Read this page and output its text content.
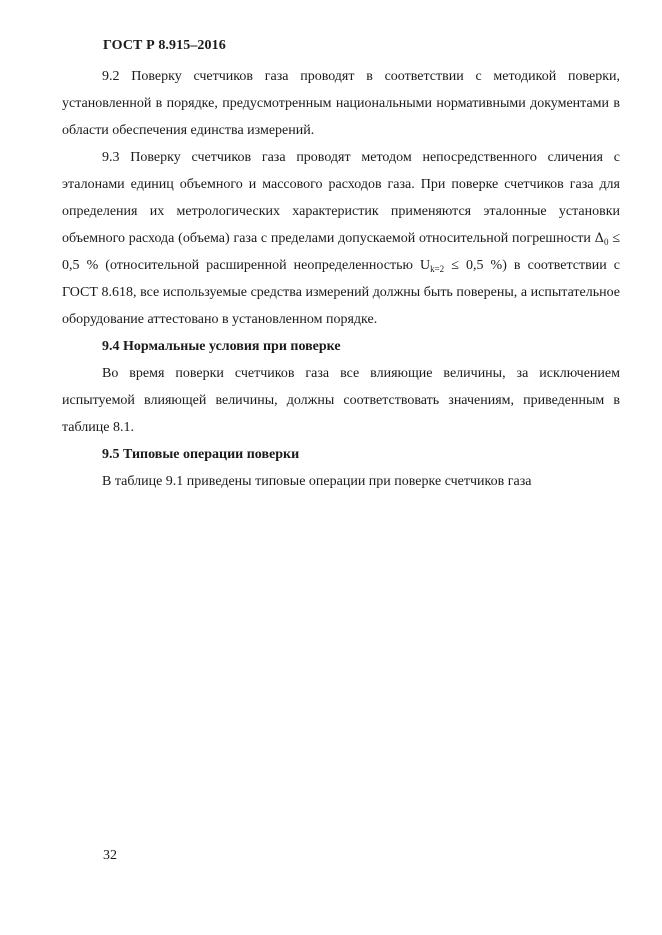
ГОСТ Р 8.915–2016

9.2 Поверку счетчиков газа проводят в соответствии с методикой поверки, установленной в порядке, предусмотренным национальными нормативными документами в области обеспечения единства измерений.

9.3 Поверку счетчиков газа проводят методом непосредственного сличения с эталонами единиц объемного и массового расходов газа. При поверке счетчиков газа для определения их метрологических характеристик применяются эталонные установки объемного расхода (объема) газа с пределами допускаемой относительной погрешности $\Delta_0 \le 0,5$ % (относительной расширенной неопределенностью $U_{k=2} \le 0,5$ %) в соответствии с ГОСТ 8.618, все используемые средства измерений должны быть поверены, а испытательное оборудование аттестовано в установленном порядке.

9.4 Нормальные условия при поверке

Во время поверки счетчиков газа все влияющие величины, за исключением испытуемой влияющей величины, должны соответствовать значениям, приведенным в таблице 8.1.

9.5 Типовые операции поверки

В таблице 9.1 приведены типовые операции при поверке счетчиков газа

32
